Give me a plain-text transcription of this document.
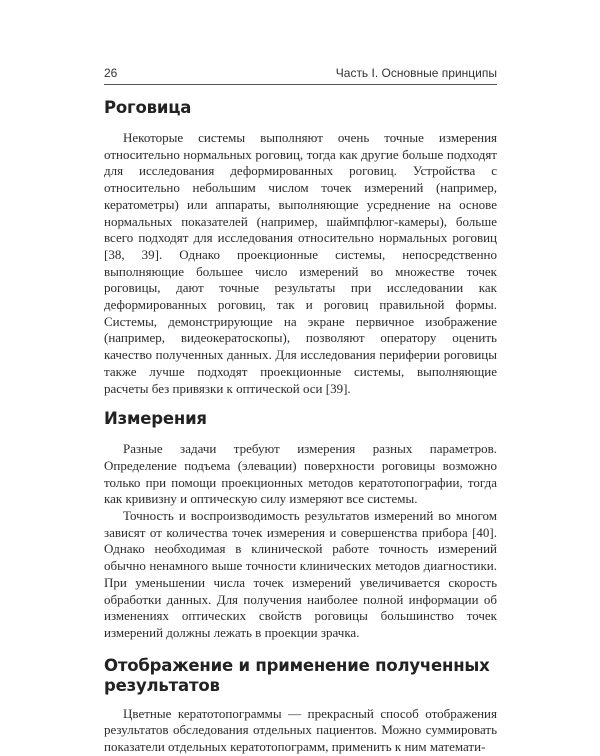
26	Часть I. Основные принципы
Роговица

Некоторые системы выполняют очень точные измерения относительно нормальных роговиц, тогда как другие больше подходят для исследования деформированных роговиц. Устройства с относительно небольшим числом точек измерений (например, кератометры) или аппараты, выполняющие усреднение на основе нормальных показателей (например, шаймпфлюг-камеры), больше всего подходят для исследования относительно нормальных роговиц [38, 39]. Однако проекционные системы, непосредственно выполняющие большее число измерений во множестве точек роговицы, дают точные результаты при исследовании как деформированных роговиц, так и роговиц правильной формы. Системы, демонстрирующие на экране первичное изображение (например, видеокератоскопы), позволяют оператору оценить качество полученных данных. Для исследования периферии роговицы также лучше подходят проекционные системы, выполняющие расчеты без привязки к оптической оси [39].

Измерения

Разные задачи требуют измерения разных параметров. Определение подъема (элевации) поверхности роговицы возможно только при помощи проекционных методов кератотопографии, тогда как кривизну и оптическую силу измеряют все системы.

Точность и воспроизводимость результатов измерений во многом зависят от количества точек измерения и совершенства прибора [40]. Однако необходимая в клинической работе точность измерений обычно ненамного выше точности клинических методов диагностики. При уменьшении числа точек измерений увеличивается скорость обработки данных. Для получения наиболее полной информации об изменениях оптических свойств роговицы большинство точек измерений должны лежать в проекции зрачка.

Отображение и применение полученных результатов

Цветные кератотопограммы — прекрасный способ отображения результатов обследования отдельных пациентов. Можно суммировать показатели отдельных кератотопограмм, применить к ним математи-
